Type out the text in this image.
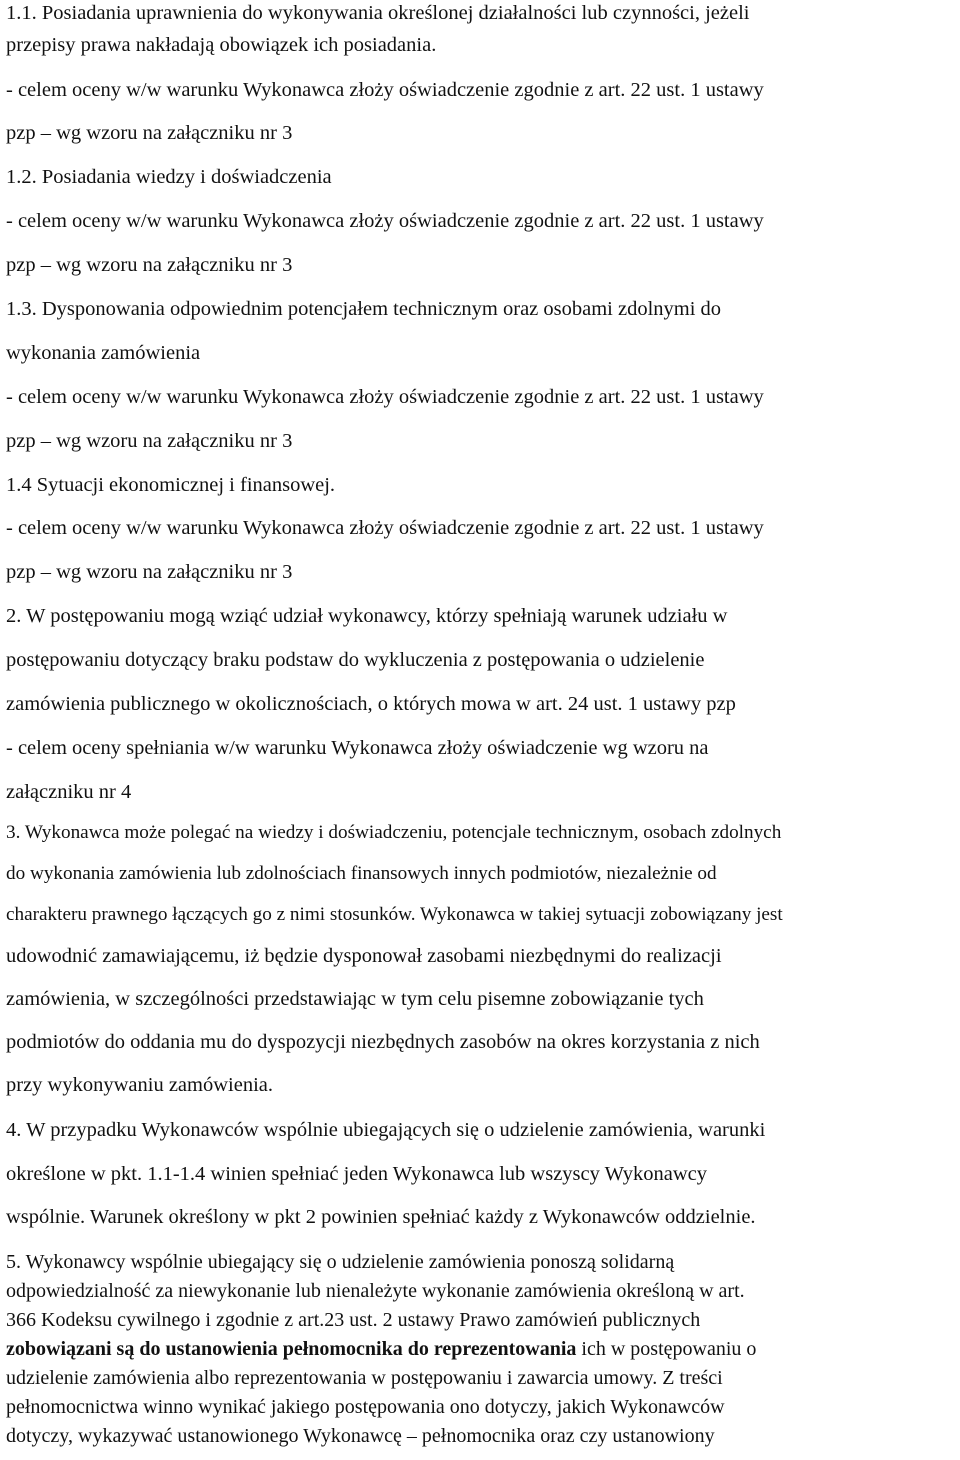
1.1. Posiadania uprawnienia do wykonywania określonej działalności lub czynności, jeżeli
przepisy prawa nakładają obowiązek ich posiadania.
- celem oceny w/w warunku Wykonawca złoży oświadczenie zgodnie z art. 22 ust. 1 ustawy
pzp – wg wzoru na załączniku nr 3
1.2. Posiadania wiedzy i doświadczenia
- celem oceny w/w warunku Wykonawca złoży oświadczenie zgodnie z art. 22 ust. 1 ustawy
pzp – wg wzoru na załączniku nr 3
1.3. Dysponowania odpowiednim potencjałem technicznym oraz osobami zdolnymi do
wykonania zamówienia
- celem oceny w/w warunku Wykonawca złoży oświadczenie zgodnie z art. 22 ust. 1 ustawy
pzp – wg wzoru na załączniku nr 3
1.4 Sytuacji ekonomicznej i finansowej.
- celem oceny w/w warunku Wykonawca złoży oświadczenie zgodnie z art. 22 ust. 1 ustawy
pzp – wg wzoru na załączniku nr 3
2. W postępowaniu mogą wziąć udział wykonawcy, którzy spełniają warunek udziału w
postępowaniu dotyczący braku podstaw do wykluczenia z postępowania o udzielenie
zamówienia publicznego w okolicznościach, o których mowa w art. 24 ust. 1 ustawy pzp
- celem oceny spełniania w/w warunku Wykonawca złoży oświadczenie wg wzoru na
załączniku nr 4
3. Wykonawca może polegać na wiedzy i doświadczeniu, potencjale technicznym, osobach zdolnych
do wykonania zamówienia lub zdolnościach finansowych innych podmiotów, niezależnie od
charakteru prawnego łączących go z nimi stosunków. Wykonawca w takiej sytuacji zobowiązany jest
udowodnić zamawiającemu, iż będzie dysponował zasobami niezbędnymi do realizacji
zamówienia, w szczególności przedstawiając w tym celu pisemne zobowiązanie tych
podmiotów do oddania mu do dyspozycji niezbędnych zasobów na okres korzystania z nich
przy wykonywaniu zamówienia.
4. W przypadku Wykonawców wspólnie ubiegających się o udzielenie zamówienia, warunki
określone w pkt. 1.1-1.4 winien spełniać jeden Wykonawca lub wszyscy Wykonawcy
wspólnie. Warunek określony w pkt 2 powinien spełniać każdy z Wykonawców oddzielnie.
5. Wykonawcy wspólnie ubiegający się o udzielenie zamówienia ponoszą solidarną
odpowiedzialność za niewykonanie lub nienależyte wykonanie zamówienia określoną w art.
366 Kodeksu cywilnego i zgodnie z art.23 ust. 2 ustawy Prawo zamówień publicznych
zobowiązani są do ustanowienia pełnomocnika do reprezentowania ich w postępowaniu o
udzielenie zamówienia albo reprezentowania w postępowaniu i zawarcia umowy. Z treści
pełnomocnictwa winno wynikać jakiego postępowania ono dotyczy, jakich Wykonawców
dotyczy, wykazywać ustanowionego Wykonawcę – pełnomocnika oraz czy ustanowiony
